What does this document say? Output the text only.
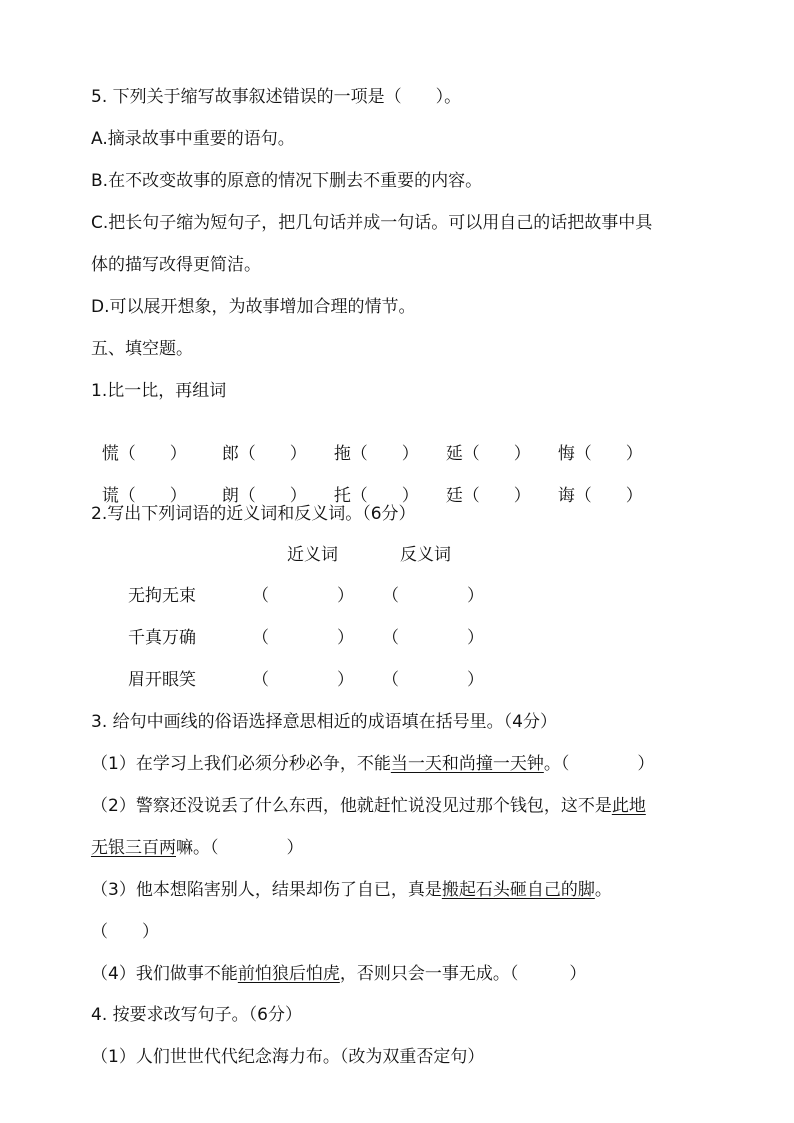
5. 下列关于缩写故事叙述错误的一项是（　　）。
A.摘录故事中重要的语句。
B.在不改变故事的原意的情况下删去不重要的内容。
C.把长句子缩为短句子，把几句话并成一句话。可以用自己的话把故事中具
体的描写改得更简洁。
D.可以展开想象，为故事增加合理的情节。
五、填空题。
1.比一比，再组词

慌（　　） 郎（　　） 拖（　　） 延（　　） 悔（　　）

谎（　　） 朗（　　） 托（　　） 廷（　　） 诲（　　）

2.写出下列词语的近义词和反义词。（6分）
近义词	反义词
无拘无束	（　　　　） （　　　　）
千真万确	（　　　　） （　　　　）
眉开眼笑	（　　　　） （　　　　）
3. 给句中画线的俗语选择意思相近的成语填在括号里。（4分）
（1）在学习上我们必须分秒必争，不能当一天和尚撞一天钟。（　　　　）
（2）警察还没说丢了什么东西，他就赶忙说没见过那个钱包，这不是此地
无银三百两嘛。（　　　　）
（3）他本想陷害别人，结果却伤了自已，真是搬起石头砸自己的脚。
（　　）
（4）我们做事不能前怕狼后怕虎，否则只会一事无成。（　　　）
4. 按要求改写句子。（6分）
（1）人们世世代代纪念海力布。（改为双重否定句）
